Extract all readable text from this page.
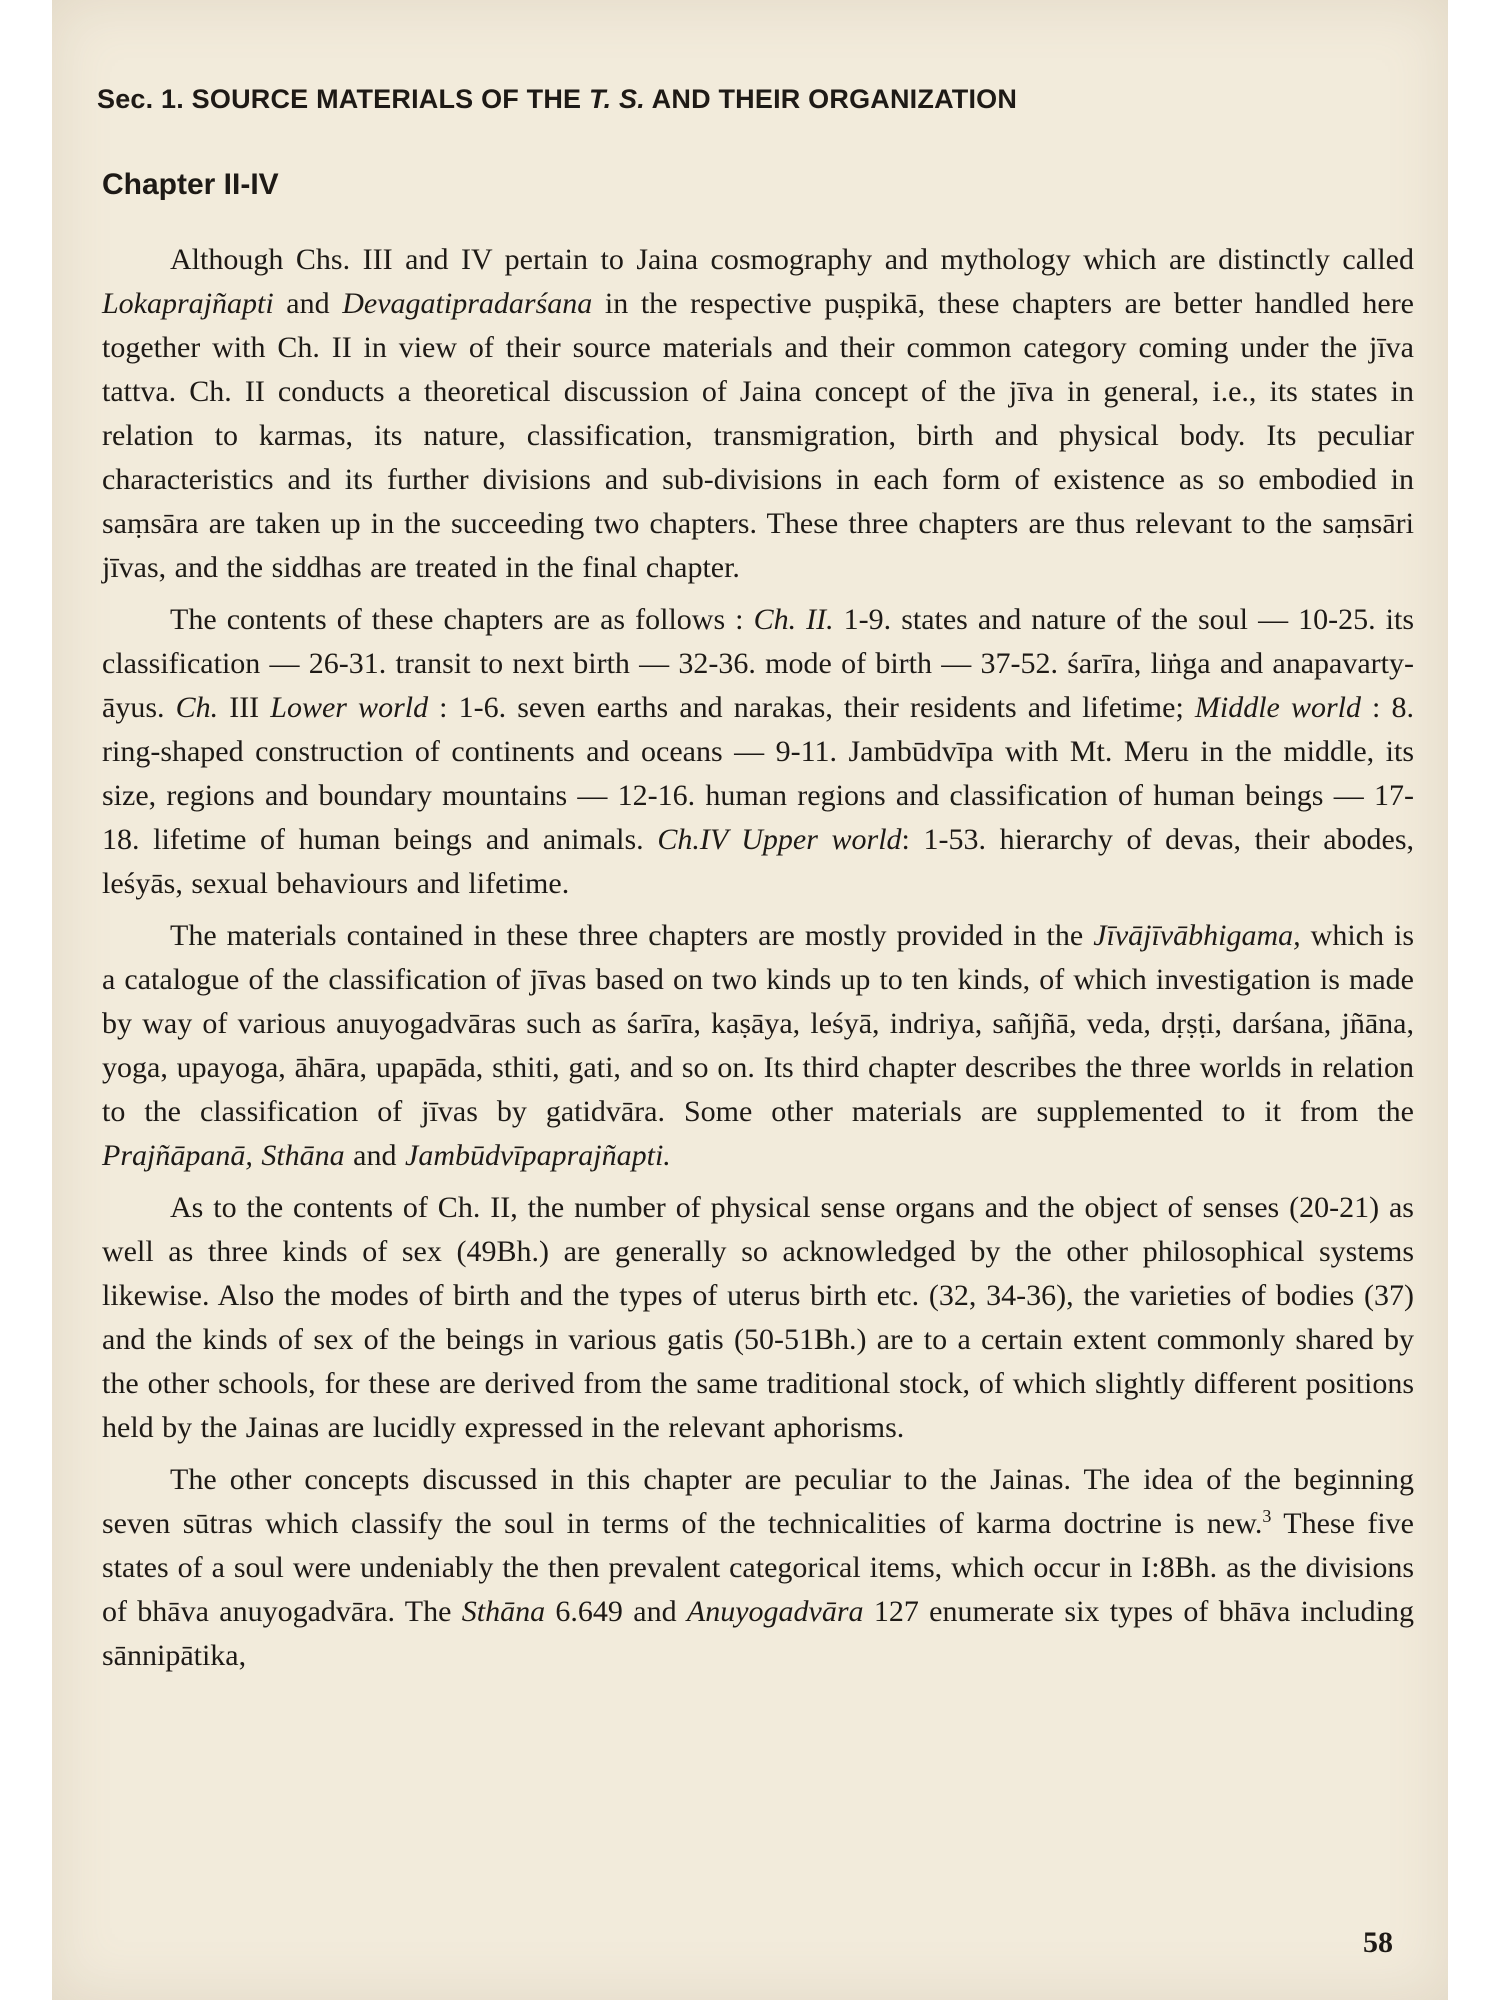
Sec. 1. SOURCE MATERIALS OF THE T. S. AND THEIR ORGANIZATION
Chapter II-IV

Although Chs. III and IV pertain to Jaina cosmography and mythology which are distinctly called Lokaprajñapti and Devagatipradarśana in the respective puṣpikā, these chapters are better handled here together with Ch. II in view of their source materials and their common category coming under the jīva tattva. Ch. II conducts a theoretical discussion of Jaina concept of the jīva in general, i.e., its states in relation to karmas, its nature, classification, transmigration, birth and physical body. Its peculiar characteristics and its further divisions and sub-divisions in each form of existence as so embodied in saṃsāra are taken up in the succeeding two chapters. These three chapters are thus relevant to the saṃsāri jīvas, and the siddhas are treated in the final chapter.

The contents of these chapters are as follows : Ch. II. 1-9. states and nature of the soul — 10-25. its classification — 26-31. transit to next birth — 32-36. mode of birth — 37-52. śarīra, liṅga and anapavarty-āyus. Ch. III Lower world : 1-6. seven earths and narakas, their residents and lifetime; Middle world : 8. ring-shaped construction of continents and oceans — 9-11. Jambūdvīpa with Mt. Meru in the middle, its size, regions and boundary mountains — 12-16. human regions and classification of human beings — 17-18. lifetime of human beings and animals. Ch.IV Upper world: 1-53. hierarchy of devas, their abodes, leśyās, sexual behaviours and lifetime.

The materials contained in these three chapters are mostly provided in the Jīvājīvābhigama, which is a catalogue of the classification of jīvas based on two kinds up to ten kinds, of which investigation is made by way of various anuyogadvāras such as śarīra, kaṣāya, leśyā, indriya, sañjñā, veda, dṛṣṭi, darśana, jñāna, yoga, upayoga, āhāra, upapāda, sthiti, gati, and so on. Its third chapter describes the three worlds in relation to the classification of jīvas by gatidvāra. Some other materials are supplemented to it from the Prajñāpanā, Sthāna and Jambūdvīpaprajñapti.

As to the contents of Ch. II, the number of physical sense organs and the object of senses (20-21) as well as three kinds of sex (49Bh.) are generally so acknowledged by the other philosophical systems likewise. Also the modes of birth and the types of uterus birth etc. (32, 34-36), the varieties of bodies (37) and the kinds of sex of the beings in various gatis (50-51Bh.) are to a certain extent commonly shared by the other schools, for these are derived from the same traditional stock, of which slightly different positions held by the Jainas are lucidly expressed in the relevant aphorisms.

The other concepts discussed in this chapter are peculiar to the Jainas. The idea of the beginning seven sūtras which classify the soul in terms of the technicalities of karma doctrine is new.$^3$ These five states of a soul were undeniably the then prevalent categorical items, which occur in I:8Bh. as the divisions of bhāva anuyogadvāra. The Sthāna 6.649 and Anuyogadvāra 127 enumerate six types of bhāva including sānnipātika,

58
